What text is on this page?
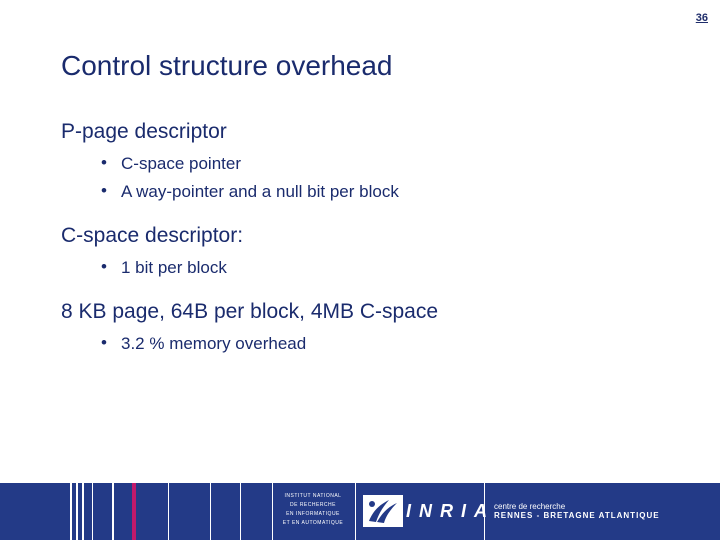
36
Control structure overhead
P-page descriptor
• C-space pointer
• A way-pointer and a null bit per block
C-space descriptor:
• 1 bit per block
8 KB page, 64B per block, 4MB C-space
• 3.2 % memory overhead
INSTITUT NATIONAL
DE RECHERCHE
EN INFORMATIQUE
ET EN AUTOMATIQUE
INRIA centre de recherche
RENNES - BRETAGNE ATLANTIQUE
